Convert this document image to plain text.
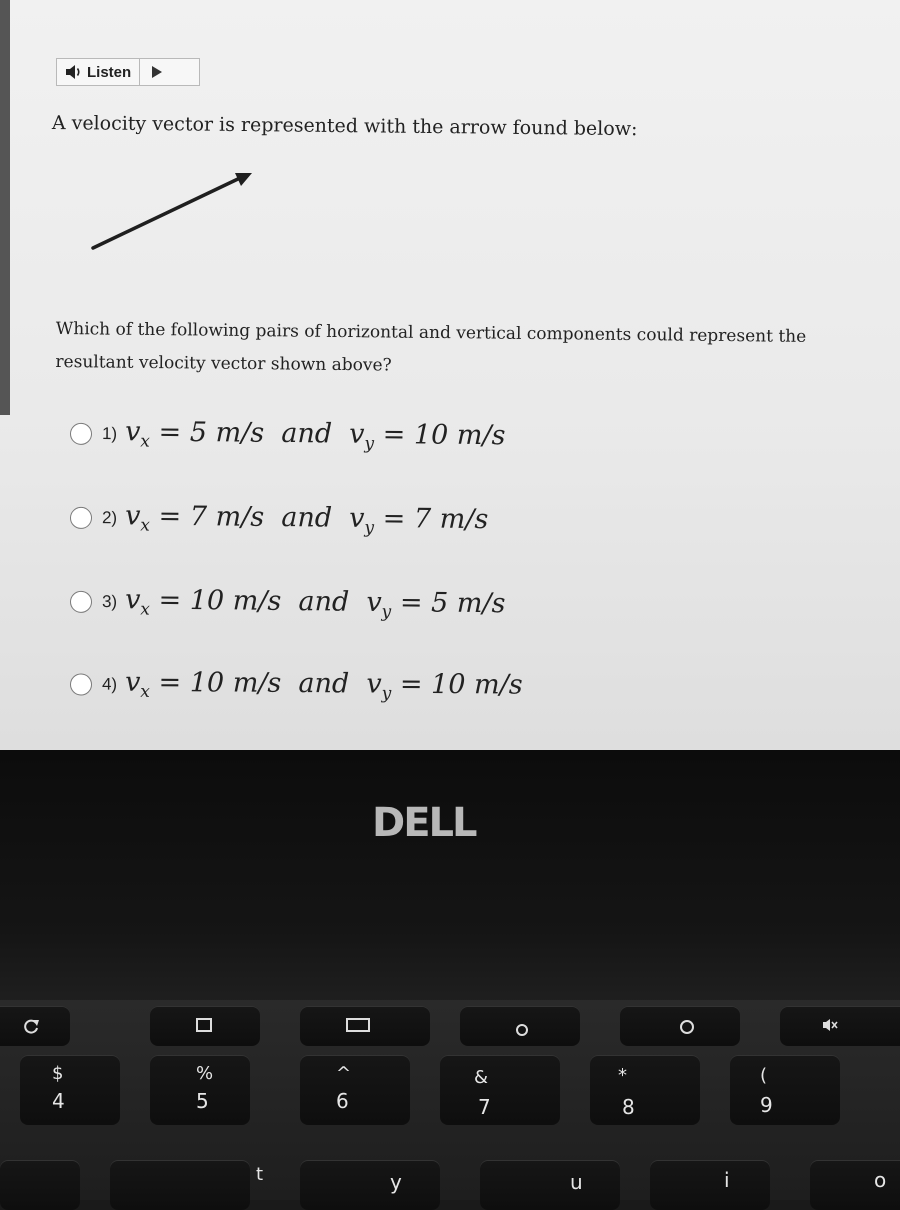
Listen
A velocity vector is represented with the arrow found below:
Which of the following pairs of horizontal and vertical components could represent the resultant velocity vector shown above?
1) $v_x = 5$ m/s and $v_y = 10$ m/s
2) $v_x = 7$ m/s and $v_y = 7$ m/s
3) $v_x = 10$ m/s and $v_y = 5$ m/s
4) $v_x = 10$ m/s and $v_y = 10$ m/s
DELL
$
4
%
5
^
6
&
7
*
8
(
9
t	y	u	i	o
